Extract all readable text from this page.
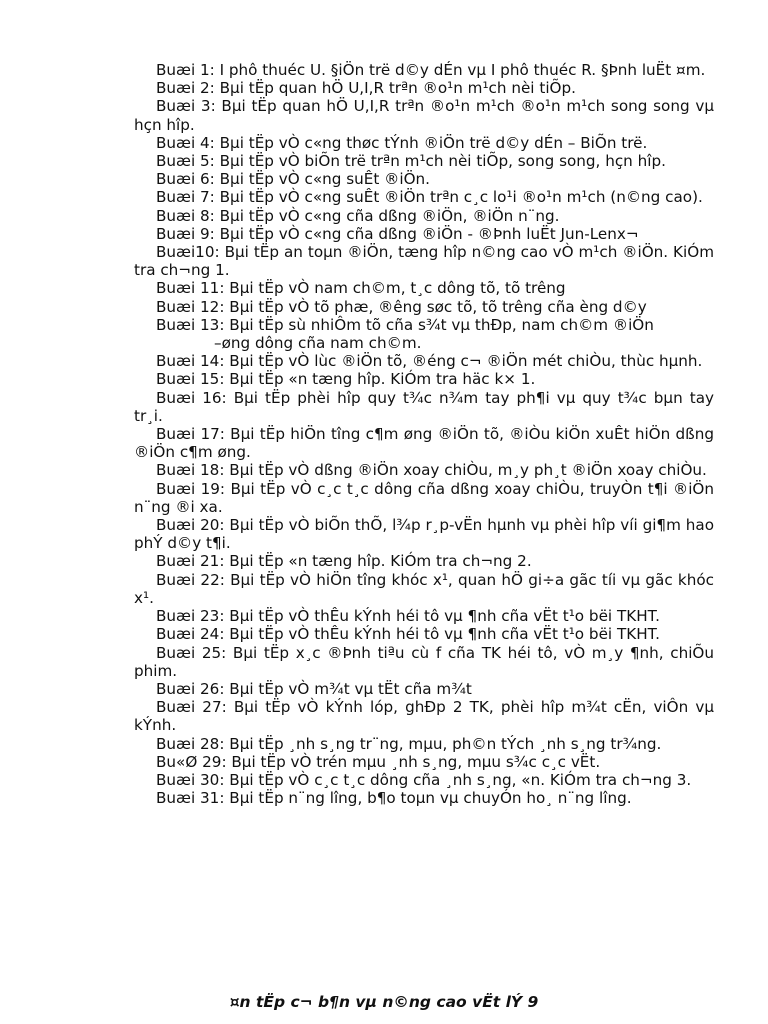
Buæi 1: I phô thuéc U. §iÖn trë d©y dÉn vµ I phô thuéc R. §Þnh luËt ¤m.

Buæi 2: Bµi tËp quan hÖ U,I,R trªn ®o¹n m¹ch nèi tiÕp.

Buæi 3: Bµi tËp quan hÖ U,I,R trªn ®o¹n m¹ch ®o¹n m¹ch song song vµ hçn hîp.

Buæi 4: Bµi tËp vÒ c«ng thøc tÝnh ®iÖn trë d©y dÉn – BiÕn trë.

Buæi 5: Bµi tËp vÒ biÕn trë trªn m¹ch nèi tiÕp, song song, hçn hîp.

Buæi 6: Bµi tËp vÒ c«ng suÊt ®iÖn.

Buæi 7: Bµi tËp vÒ c«ng suÊt ®iÖn trªn c¸c lo¹i ®o¹n m¹ch (n©ng cao).

Buæi 8: Bµi tËp vÒ c«ng cña dßng ®iÖn, ®iÖn n¨ng.

Buæi 9: Bµi tËp vÒ c«ng cña dßng ®iÖn - ®Þnh luËt Jun-Lenx¬

Buæi10: Bµi tËp an toµn ®iÖn, tæng hîp n©ng cao vÒ m¹ch ®iÖn. KiÓm tra ch¬ng 1.

Buæi 11: Bµi tËp vÒ nam ch©m, t¸c dông tõ, tõ trêng

Buæi 12: Bµi tËp vÒ tõ phæ, ®êng søc tõ, tõ trêng cña èng d©y

Buæi 13: Bµi tËp sù nhiÔm tõ cña s¾t vµ thÐp, nam ch©m ®iÖn

–øng dông cña nam ch©m.

Buæi 14: Bµi tËp vÒ lùc ®iÖn tõ, ®éng c¬ ®iÖn mét chiÒu, thùc hµnh.

Buæi 15: Bµi tËp «n tæng hîp. KiÓm tra häc k× 1.

Buæi 16: Bµi tËp phèi hîp quy t¾c n¾m tay ph¶i vµ quy t¾c bµn tay tr¸i.

Buæi 17: Bµi tËp hiÖn tîng c¶m øng ®iÖn tõ, ®iÒu kiÖn xuÊt hiÖn dßng ®iÖn c¶m øng.

Buæi 18: Bµi tËp vÒ dßng ®iÖn xoay chiÒu, m¸y ph¸t ®iÖn xoay chiÒu.

Buæi 19: Bµi tËp vÒ c¸c t¸c dông cña dßng xoay chiÒu, truyÒn t¶i ®iÖn n¨ng ®i xa.

Buæi 20: Bµi tËp vÒ biÕn thÕ, l¾p r¸p-vËn hµnh vµ phèi hîp víi gi¶m hao phÝ d©y t¶i.

Buæi 21: Bµi tËp «n tæng hîp. KiÓm tra ch¬ng 2.

Buæi 22: Bµi tËp vÒ hiÖn tîng khóc x¹, quan hÖ gi÷a gãc tíi vµ gãc khóc x¹.

Buæi 23: Bµi tËp vÒ thÊu kÝnh héi tô vµ ¶nh cña vËt t¹o bëi TKHT.

Buæi 24: Bµi tËp vÒ thÊu kÝnh héi tô vµ ¶nh cña vËt t¹o bëi TKHT.

Buæi 25: Bµi tËp x¸c ®Þnh tiªu cù f cña TK héi tô, vÒ m¸y ¶nh, chiÕu phim.

Buæi 26: Bµi tËp vÒ m¾t vµ tËt cña m¾t

Buæi 27: Bµi tËp vÒ kÝnh lóp, ghÐp 2 TK, phèi hîp m¾t cËn, viÔn vµ kÝnh.

Buæi 28: Bµi tËp ¸nh s¸ng tr¨ng, mµu, ph©n tÝch ¸nh s¸ng tr¾ng.

Bu«Ø 29: Bµi tËp vÒ trén mµu ¸nh s¸ng, mµu s¾c c¸c vËt.

Buæi 30: Bµi tËp vÒ c¸c t¸c dông cña ¸nh s¸ng, «n. KiÓm tra ch¬ng 3.

Buæi 31: Bµi tËp n¨ng lîng, b¶o toµn vµ chuyÓn ho¸ n¨ng lîng.

¤n tËp c¬ b¶n vµ n©ng cao vËt lÝ 9
